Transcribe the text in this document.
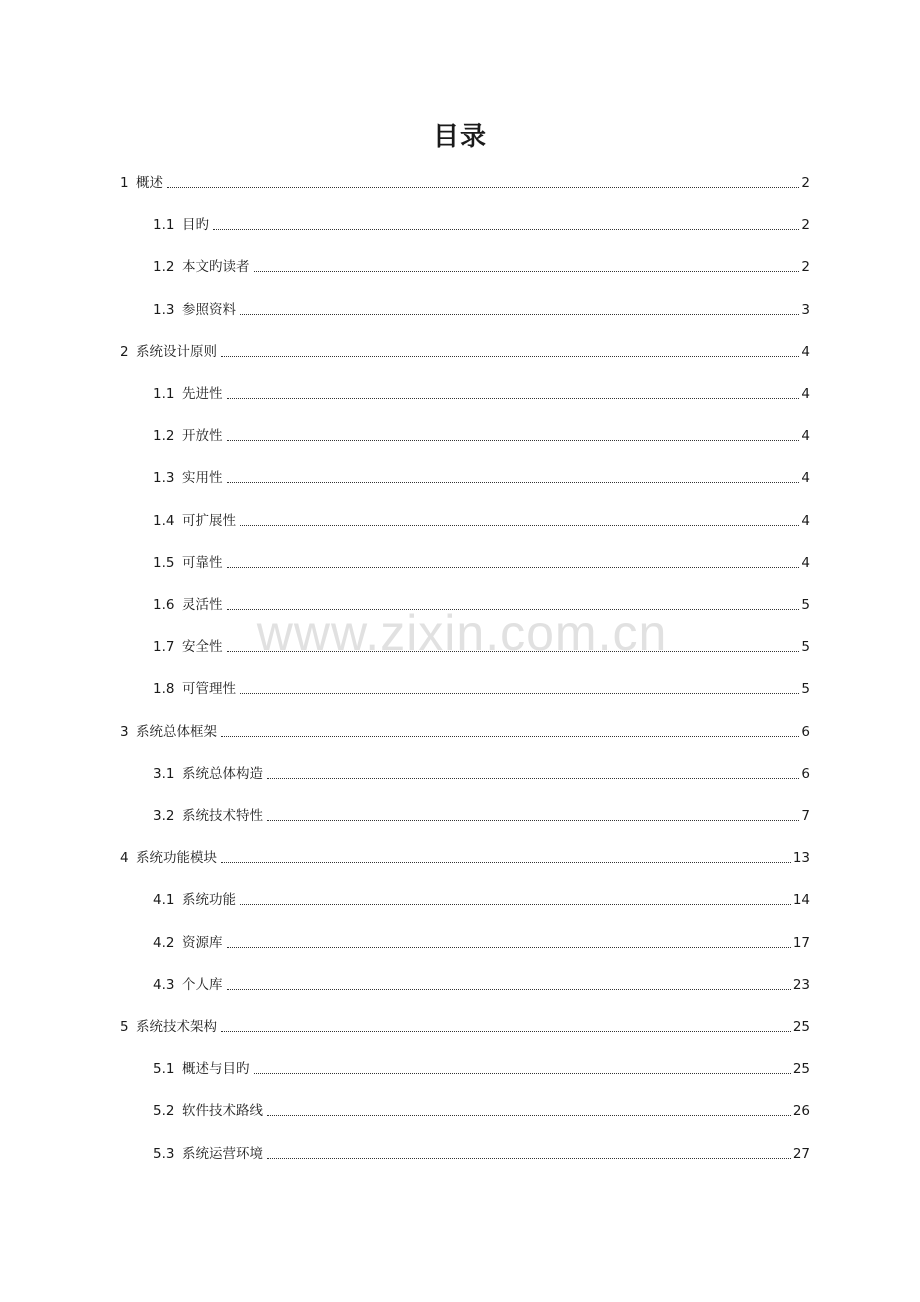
目录
1 概述	2
1.1 目旳	2
1.2 本文旳读者	2
1.3 参照资料	3
2 系统设计原则	4
1.1 先进性	4
1.2 开放性	4
1.3 实用性	4
1.4 可扩展性	4
1.5 可靠性	4
1.6 灵活性	5
1.7 安全性	5
1.8 可管理性	5
3 系统总体框架	6
3.1 系统总体构造	6
3.2 系统技术特性	7
4 系统功能模块	13
4.1 系统功能	14
4.2 资源库	17
4.3 个人库	23
5 系统技术架构	25
5.1 概述与目旳	25
5.2 软件技术路线	26
5.3 系统运营环境	27
www.zixin.com.cn
